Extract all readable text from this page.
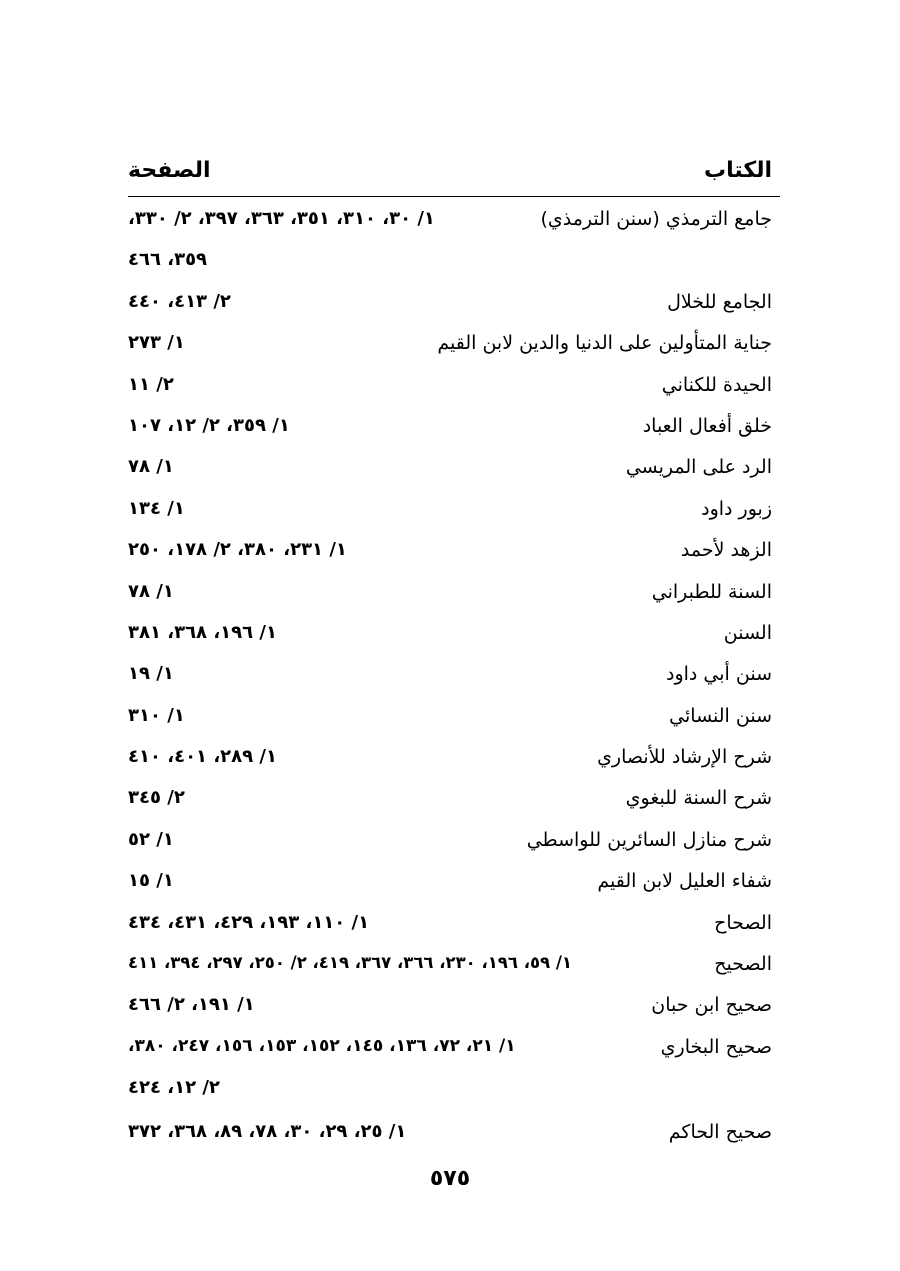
الكتاب
الصفحة
جامع الترمذي (سنن الترمذي)
١/ ٣٠، ٣١٠، ٣٥١، ٣٦٣، ٣٩٧، ٢/ ٣٣٠،
٣٥٩، ٤٦٦
الجامع للخلال
٢/ ٤١٣، ٤٤٠
جناية المتأولين على الدنيا والدين لابن القيم
١/ ٢٧٣
الحيدة للكناني
٢/ ١١
خلق أفعال العباد
١/ ٣٥٩، ٢/ ١٢، ١٠٧
الرد على المريسي
١/ ٧٨
زبور داود
١/ ١٣٤
الزهد لأحمد
١/ ٢٣١، ٣٨٠، ٢/ ١٧٨، ٢٥٠
السنة للطبراني
١/ ٧٨
السنن
١/ ١٩٦، ٣٦٨، ٣٨١
سنن أبي داود
١/ ١٩
سنن النسائي
١/ ٣١٠
شرح الإرشاد للأنصاري
١/ ٢٨٩، ٤٠١، ٤١٠
شرح السنة للبغوي
٢/ ٣٤٥
شرح منازل السائرين للواسطي
١/ ٥٢
شفاء العليل لابن القيم
١/ ١٥
الصحاح
١/ ١١٠، ١٩٣، ٤٢٩، ٤٣١، ٤٣٤
الصحيح
١/ ٥٩، ١٩٦، ٢٣٠، ٣٦٦، ٣٦٧، ٤١٩، ٢/ ٢٥٠، ٢٩٧، ٣٩٤، ٤١١
صحيح ابن حبان
١/ ١٩١، ٢/ ٤٦٦
صحيح البخاري
١/ ٢١، ٧٢، ١٣٦، ١٤٥، ١٥٢، ١٥٣، ١٥٦، ٢٤٧، ٣٨٠،
٢/ ١٢، ٤٢٤
صحيح الحاكم
١/ ٢٥، ٢٩، ٣٠، ٧٨، ٨٩، ٣٦٨، ٣٧٢
٥٧٥
